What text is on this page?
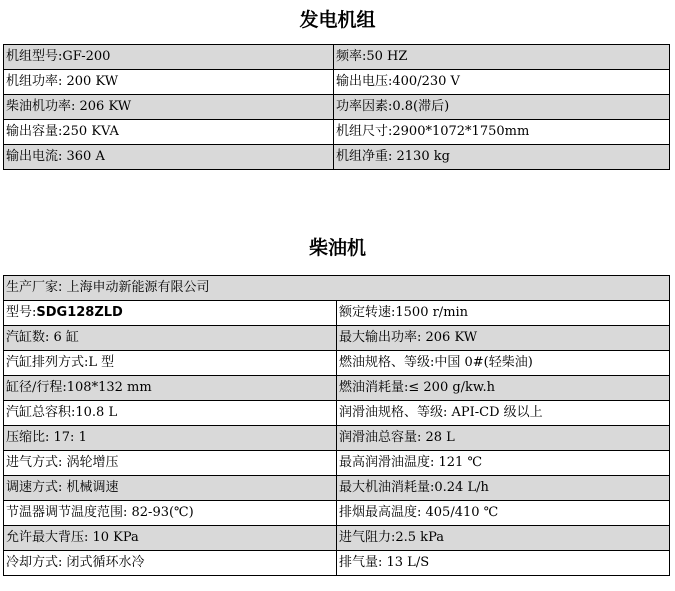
发电机组
机组型号:GF-200	频率:50 HZ
机组功率: 200 KW	输出电压:400/230 V
柴油机功率: 206 KW	功率因素:0.8(滞后)
输出容量:250 KVA	机组尺寸:2900*1072*1750mm
输出电流: 360 A	机组净重: 2130 kg
柴油机
生产厂家: 上海申动新能源有限公司	
型号:SDG128ZLD	额定转速:1500 r/min
汽缸数: 6 缸	最大输出功率: 206 KW
汽缸排列方式:L 型	燃油规格、等级:中国 0#(轻柴油)
缸径/行程:108*132 mm	燃油消耗量:≤ 200 g/kw.h
汽缸总容积:10.8 L	润滑油规格、等级: API-CD 级以上
压缩比: 17: 1	润滑油总容量: 28 L
进气方式: 涡轮增压	最高润滑油温度: 121 ℃
调速方式: 机械调速	最大机油消耗量:0.24 L/h
节温器调节温度范围: 82-93(℃)	排烟最高温度: 405/410 ℃
允许最大背压: 10 KPa	进气阻力:2.5 kPa
冷却方式: 闭式循环水冷	排气量: 13 L/S
